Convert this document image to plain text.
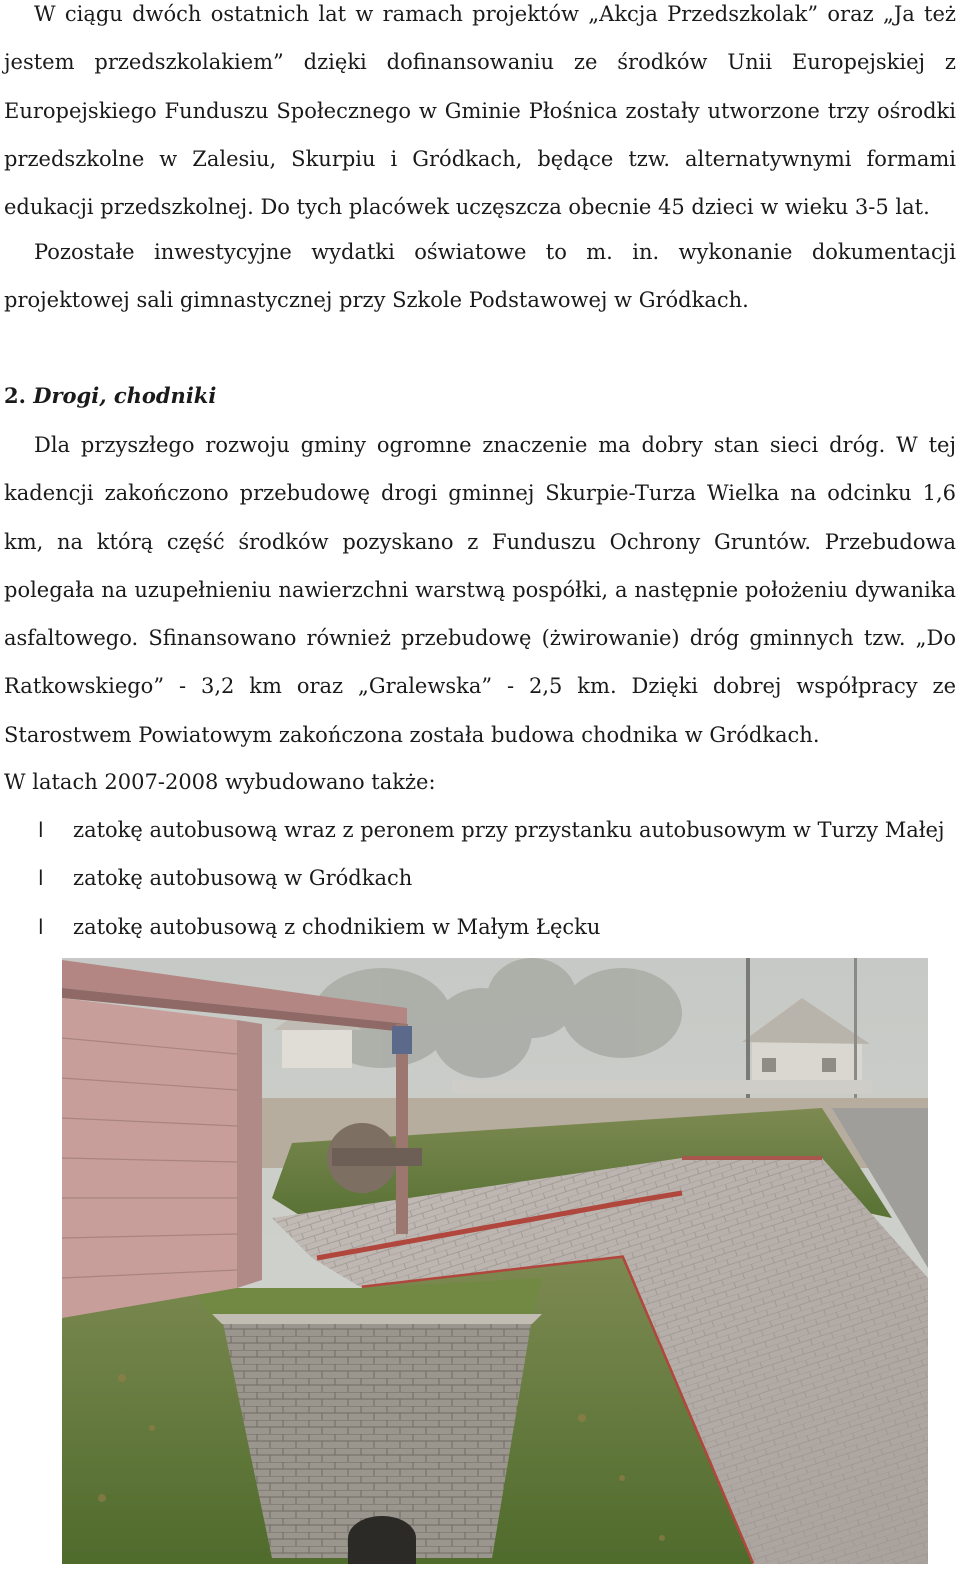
W ciągu dwóch ostatnich lat w ramach projektów „Akcja Przedszkolak” oraz „Ja też jestem przedszkolakiem” dzięki dofinansowaniu ze środków Unii Europejskiej z Europejskiego Funduszu Społecznego w Gminie Płośnica zostały utworzone trzy ośrodki przedszkolne w Zalesiu, Skurpiu i Gródkach, będące tzw. alternatywnymi formami edukacji przedszkolnej. Do tych placówek uczęszcza obecnie 45 dzieci w wieku 3-5 lat.

Pozostałe inwestycyjne wydatki oświatowe to m. in. wykonanie dokumentacji projektowej sali gimnastycznej przy Szkole Podstawowej w Gródkach.

2. Drogi, chodniki

Dla przyszłego rozwoju gminy ogromne znaczenie ma dobry stan sieci dróg. W tej kadencji zakończono przebudowę drogi gminnej Skurpie-Turza Wielka na odcinku 1,6 km, na którą część środków pozyskano z Funduszu Ochrony Gruntów. Przebudowa polegała na uzupełnieniu nawierzchni warstwą pospółki, a następnie położeniu dywanika asfaltowego. Sfinansowano również przebudowę (żwirowanie) dróg gminnych tzw. „Do Ratkowskiego” - 3,2 km oraz „Gralewska” - 2,5 km. Dzięki dobrej współpracy ze Starostwem Powiatowym zakończona została budowa chodnika w Gródkach.

W latach 2007-2008 wybudowano także:

l zatokę autobusową wraz z peronem przy przystanku autobusowym w Turzy Małej
l zatokę autobusową w Gródkach
l zatokę autobusową z chodnikiem w Małym Łęcku
